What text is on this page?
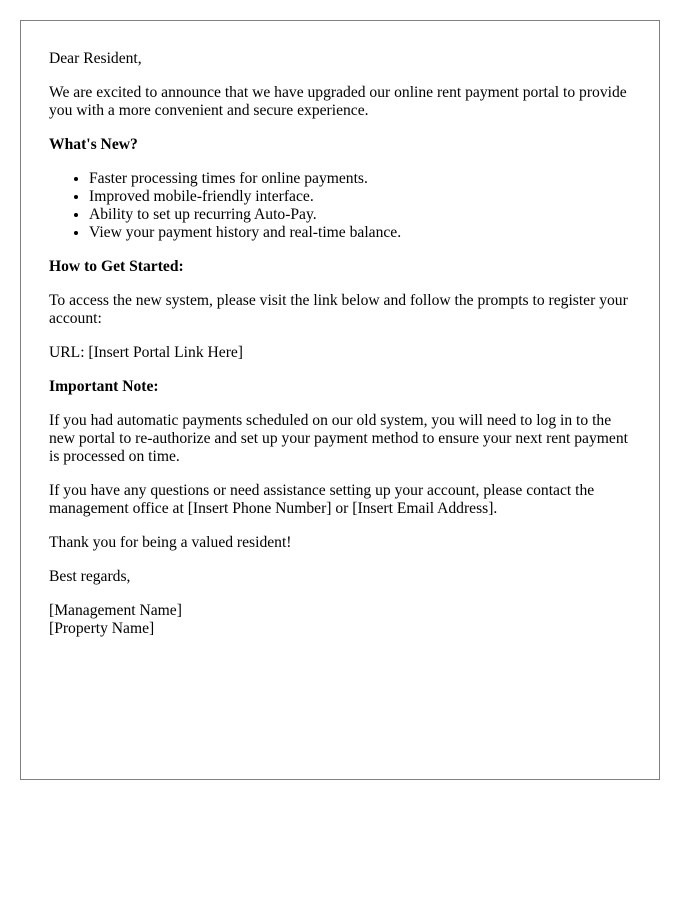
Dear Resident,

We are excited to announce that we have upgraded our online rent payment portal to provide you with a more convenient and secure experience.

What's New?

• Faster processing times for online payments.
• Improved mobile-friendly interface.
• Ability to set up recurring Auto-Pay.
• View your payment history and real-time balance.

How to Get Started:

To access the new system, please visit the link below and follow the prompts to register your account:

URL: [Insert Portal Link Here]

Important Note:

If you had automatic payments scheduled on our old system, you will need to log in to the new portal to re-authorize and set up your payment method to ensure your next rent payment is processed on time.

If you have any questions or need assistance setting up your account, please contact the management office at [Insert Phone Number] or [Insert Email Address].

Thank you for being a valued resident!

Best regards,

[Management Name]

[Property Name]
